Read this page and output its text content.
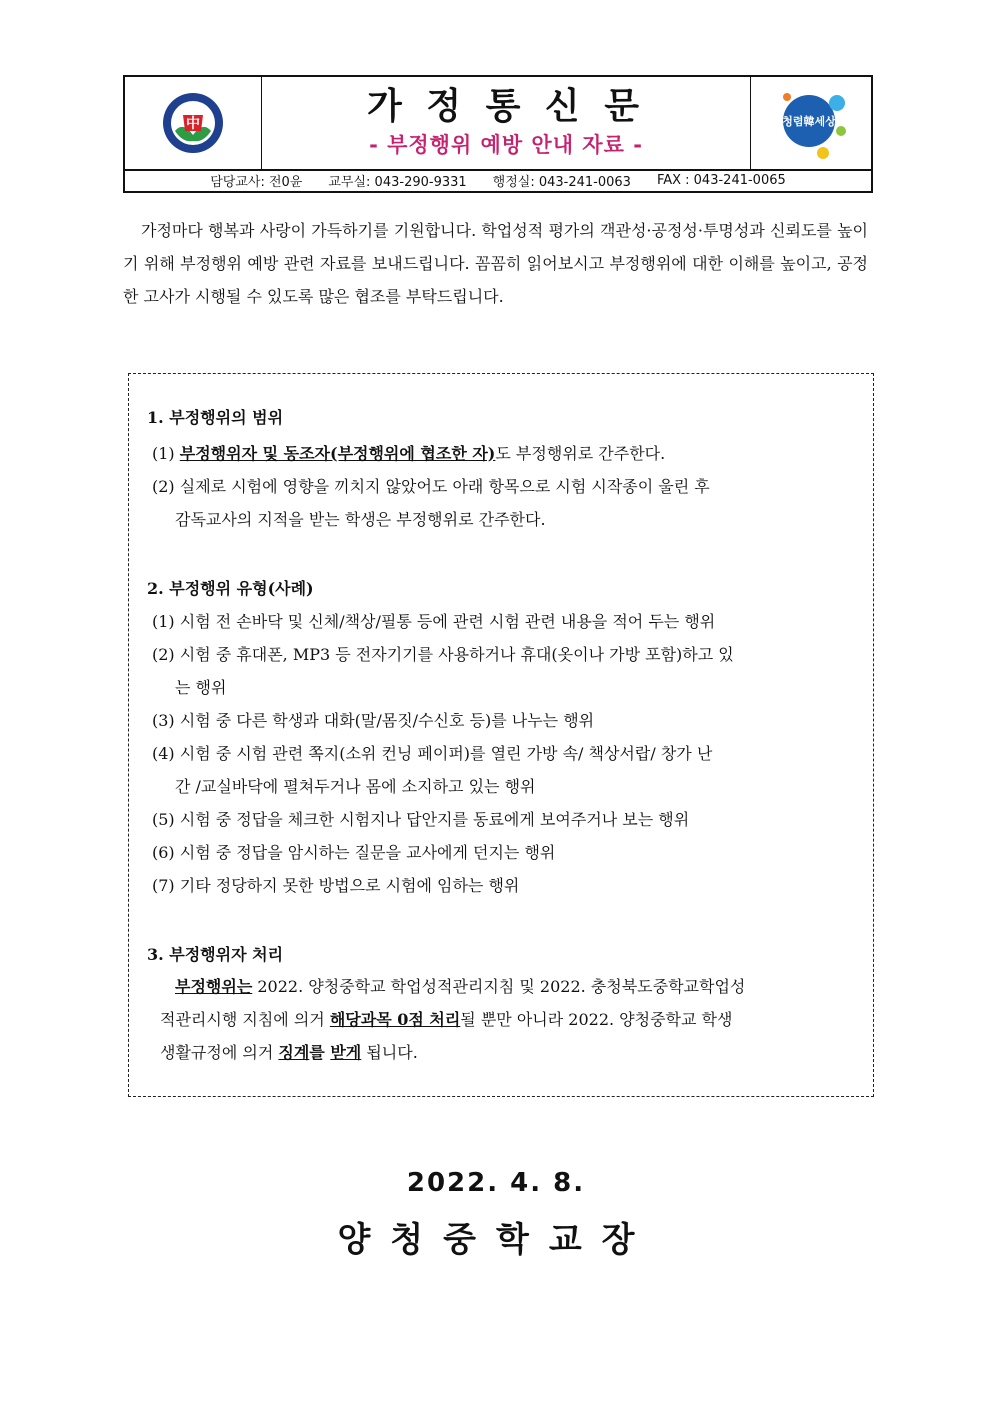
中	가 정 통 신 문
- 부정행위 예방 안내 자료 -
청렴韓세상
담당교사: 전0윤 교무실: 043-290-9331 행정실: 043-241-0063 FAX : 043-241-0065
가정마다 행복과 사랑이 가득하기를 기원합니다. 학업성적 평가의 객관성·공정성·투명성과 신뢰도를 높이기 위해 부정행위 예방 관련 자료를 보내드립니다. 꼼꼼히 읽어보시고 부정행위에 대한 이해를 높이고, 공정한 고사가 시행될 수 있도록 많은 협조를 부탁드립니다.
1. 부정행위의 범위
(1) 부정행위자 및 동조자(부정행위에 협조한 자)도 부정행위로 간주한다.
(2) 실제로 시험에 영향을 끼치지 않았어도 아래 항목으로 시험 시작종이 울린 후
감독교사의 지적을 받는 학생은 부정행위로 간주한다.
2. 부정행위 유형(사례)
(1) 시험 전 손바닥 및 신체/책상/필통 등에 관련 시험 관련 내용을 적어 두는 행위
(2) 시험 중 휴대폰, MP3 등 전자기기를 사용하거나 휴대(옷이나 가방 포함)하고 있
는 행위
(3) 시험 중 다른 학생과 대화(말/몸짓/수신호 등)를 나누는 행위
(4) 시험 중 시험 관련 쪽지(소위 컨닝 페이퍼)를 열린 가방 속/ 책상서랍/ 창가 난
간 /교실바닥에 펼쳐두거나 몸에 소지하고 있는 행위
(5) 시험 중 정답을 체크한 시험지나 답안지를 동료에게 보여주거나 보는 행위
(6) 시험 중 정답을 암시하는 질문을 교사에게 던지는 행위
(7) 기타 정당하지 못한 방법으로 시험에 임하는 행위
3. 부정행위자 처리
부정행위는 2022. 양청중학교 학업성적관리지침 및 2022. 충청북도중학교학업성
적관리시행 지침에 의거 해당과목 0점 처리될 뿐만 아니라 2022. 양청중학교 학생
생활규정에 의거 징계를 받게 됩니다.
2022. 4. 8.
양청중학교장
